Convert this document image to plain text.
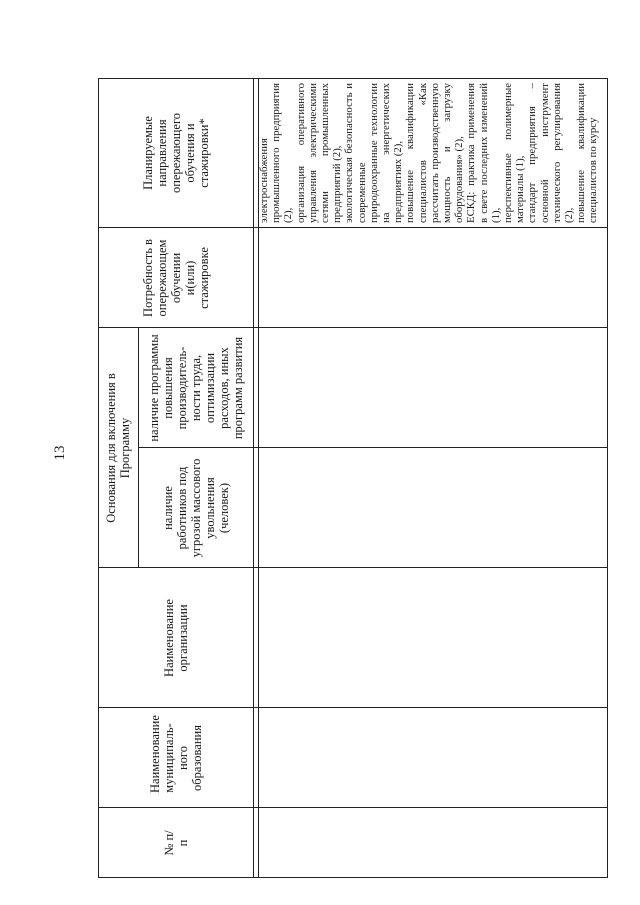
13
№ п/п
Наименование муниципаль- ного образования
Наименование организации
Основания для включения в Программу
наличие работников под угрозой массового увольнения (человек)
наличие программы повышения производитель- ности труда, оптимизации расходов, иных программ развития
Потребность в опережающем обучении и(или) стажировке
Планируемые направления опережающего обучения и стажировки*	электроснабжения промышленного предприятия (2), организация оперативного управления электрическими сетями промышленных предприятий (2), экологическая безопасность и современные природоохранные технологии на энергетических предприятиях (2), повышение квалификации специалистов «Как рассчитать производственную мощность и загрузку оборудования» (2), ЕСКД: практика применения в свете последних изменений (1), перспективные полимерные материалы (1), стандарт предприятия – основной инструмент технического регулирования (2), повышение квалификации специалистов по курсу
